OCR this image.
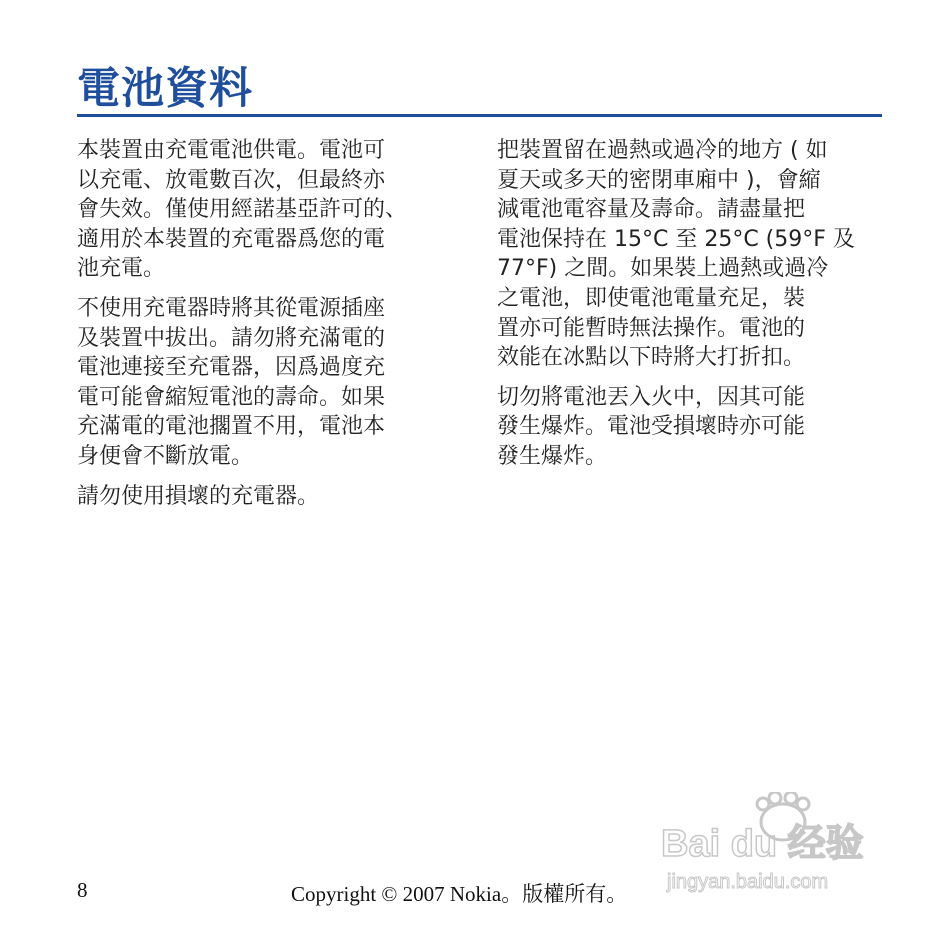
電池資料

本裝置由充電電池供電。電池可
以充電、放電數百次，但最終亦
會失效。僅使用經諾基亞許可的、
適用於本裝置的充電器爲您的電
池充電。

不使用充電器時將其從電源插座
及裝置中拔出。請勿將充滿電的
電池連接至充電器，因爲過度充
電可能會縮短電池的壽命。如果
充滿電的電池擱置不用，電池本
身便會不斷放電。

請勿使用損壞的充電器。

把裝置留在過熱或過冷的地方 ( 如
夏天或多天的密閉車廂中 )，會縮
減電池電容量及壽命。請盡量把
電池保持在 15°C 至 25°C (59°F 及
77°F) 之間。如果裝上過熱或過冷
之電池，即使電池電量充足，裝
置亦可能暫時無法操作。電池的
效能在冰點以下時將大打折扣。

切勿將電池丟入火中，因其可能
發生爆炸。電池受損壞時亦可能
發生爆炸。

Bai du 经验
jingyan.baidu.com
8	Copyright © 2007 Nokia。版權所有。
